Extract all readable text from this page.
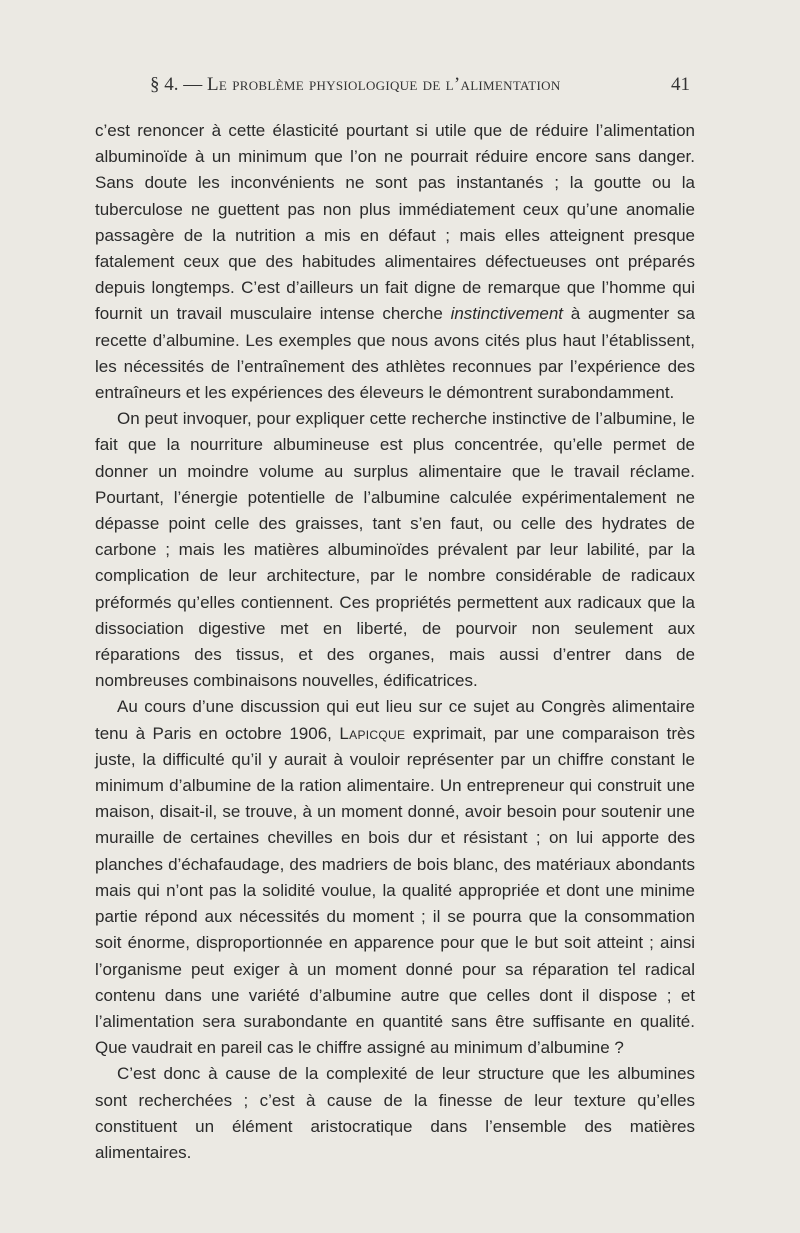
§ 4. — Le problème physiologique de l’alimentation	41

c’est renoncer à cette élasticité pourtant si utile que de réduire l’alimentation albuminoïde à un minimum que l’on ne pourrait réduire encore sans danger. Sans doute les inconvénients ne sont pas instantanés ; la goutte ou la tuberculose ne guettent pas non plus immédiatement ceux qu’une anomalie passagère de la nutrition a mis en défaut ; mais elles atteignent presque fatalement ceux que des habitudes alimentaires défectueuses ont préparés depuis longtemps. C’est d’ailleurs un fait digne de remarque que l’homme qui fournit un travail musculaire intense cherche instinctivement à augmenter sa recette d’albumine. Les exemples que nous avons cités plus haut l’établissent, les nécessités de l’entraînement des athlètes reconnues par l’expérience des entraîneurs et les expériences des éleveurs le démontrent surabondamment.

On peut invoquer, pour expliquer cette recherche instinctive de l’albumine, le fait que la nourriture albumineuse est plus concentrée, qu’elle permet de donner un moindre volume au surplus alimentaire que le travail réclame. Pourtant, l’énergie potentielle de l’albumine calculée expérimentalement ne dépasse point celle des graisses, tant s’en faut, ou celle des hydrates de carbone ; mais les matières albuminoïdes prévalent par leur labilité, par la complication de leur architecture, par le nombre considérable de radicaux préformés qu’elles contiennent. Ces propriétés permettent aux radicaux que la dissociation digestive met en liberté, de pourvoir non seulement aux réparations des tissus, et des organes, mais aussi d’entrer dans de nombreuses combinaisons nouvelles, édificatrices.

Au cours d’une discussion qui eut lieu sur ce sujet au Congrès alimentaire tenu à Paris en octobre 1906, Lapicque exprimait, par une comparaison très juste, la difficulté qu’il y aurait à vouloir représenter par un chiffre constant le minimum d’albumine de la ration alimentaire. Un entrepreneur qui construit une maison, disait-il, se trouve, à un moment donné, avoir besoin pour soutenir une muraille de certaines chevilles en bois dur et résistant ; on lui apporte des planches d’échafaudage, des madriers de bois blanc, des matériaux abondants mais qui n’ont pas la solidité voulue, la qualité appropriée et dont une minime partie répond aux nécessités du moment ; il se pourra que la consommation soit énorme, disproportionnée en apparence pour que le but soit atteint ; ainsi l’organisme peut exiger à un moment donné pour sa réparation tel radical contenu dans une variété d’albumine autre que celles dont il dispose ; et l’alimentation sera surabondante en quantité sans être suffisante en qualité. Que vaudrait en pareil cas le chiffre assigné au minimum d’albumine ?

C’est donc à cause de la complexité de leur structure que les albumines sont recherchées ; c’est à cause de la finesse de leur texture qu’elles constituent un élément aristocratique dans l’ensemble des matières alimentaires.
